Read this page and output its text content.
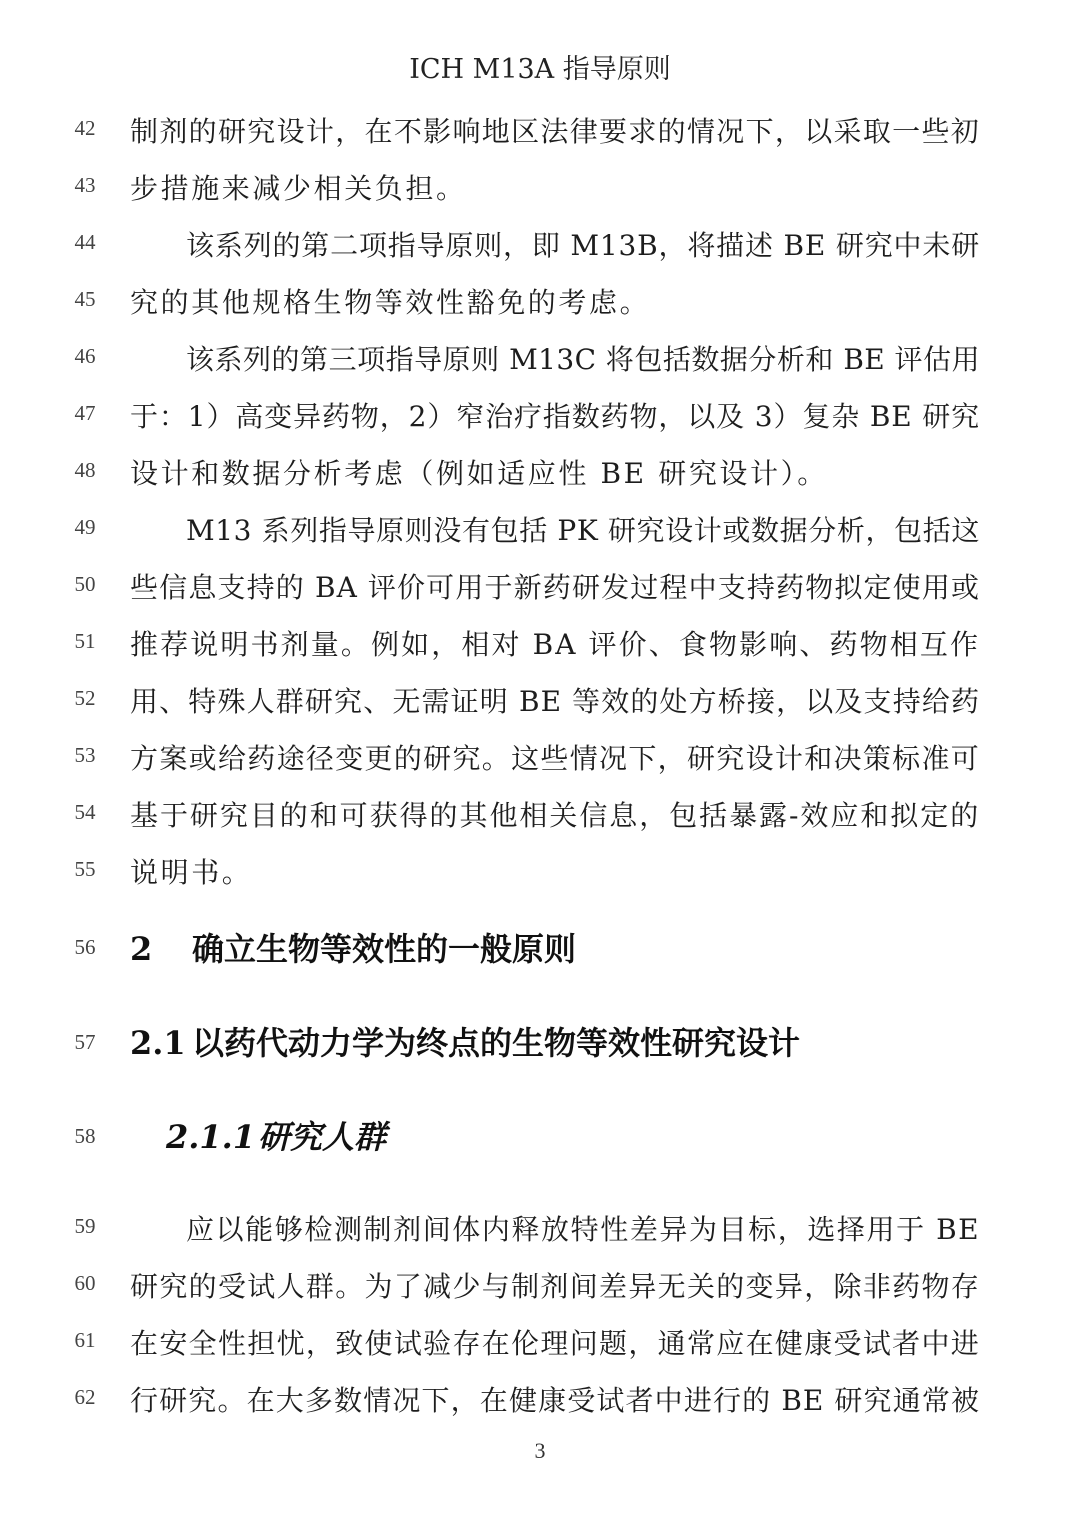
ICH M13A 指导原则
42	制剂的研究设计，在不影响地区法律要求的情况下，以采取一些初
43	步措施来减少相关负担。
44	该系列的第二项指导原则，即 M13B，将描述 BE 研究中未研
45	究的其他规格生物等效性豁免的考虑。
46	该系列的第三项指导原则 M13C 将包括数据分析和 BE 评估用
47	于：1）高变异药物，2）窄治疗指数药物，以及 3）复杂 BE 研究
48	设计和数据分析考虑（例如适应性 BE 研究设计）。
49	M13 系列指导原则没有包括 PK 研究设计或数据分析，包括这
50	些信息支持的 BA 评价可用于新药研发过程中支持药物拟定使用或
51	推荐说明书剂量。例如，相对 BA 评价、食物影响、药物相互作
52	用、特殊人群研究、无需证明 BE 等效的处方桥接，以及支持给药
53	方案或给药途径变更的研究。这些情况下，研究设计和决策标准可
54	基于研究目的和可获得的其他相关信息，包括暴露-效应和拟定的
55	说明书。
56	2 确立生物等效性的一般原则
57	2.1 以药代动力学为终点的生物等效性研究设计
58	2.1.1研究人群
59	应以能够检测制剂间体内释放特性差异为目标，选择用于 BE
60	研究的受试人群。为了减少与制剂间差异无关的变异，除非药物存
61	在安全性担忧，致使试验存在伦理问题，通常应在健康受试者中进
62	行研究。在大多数情况下，在健康受试者中进行的 BE 研究通常被
3
